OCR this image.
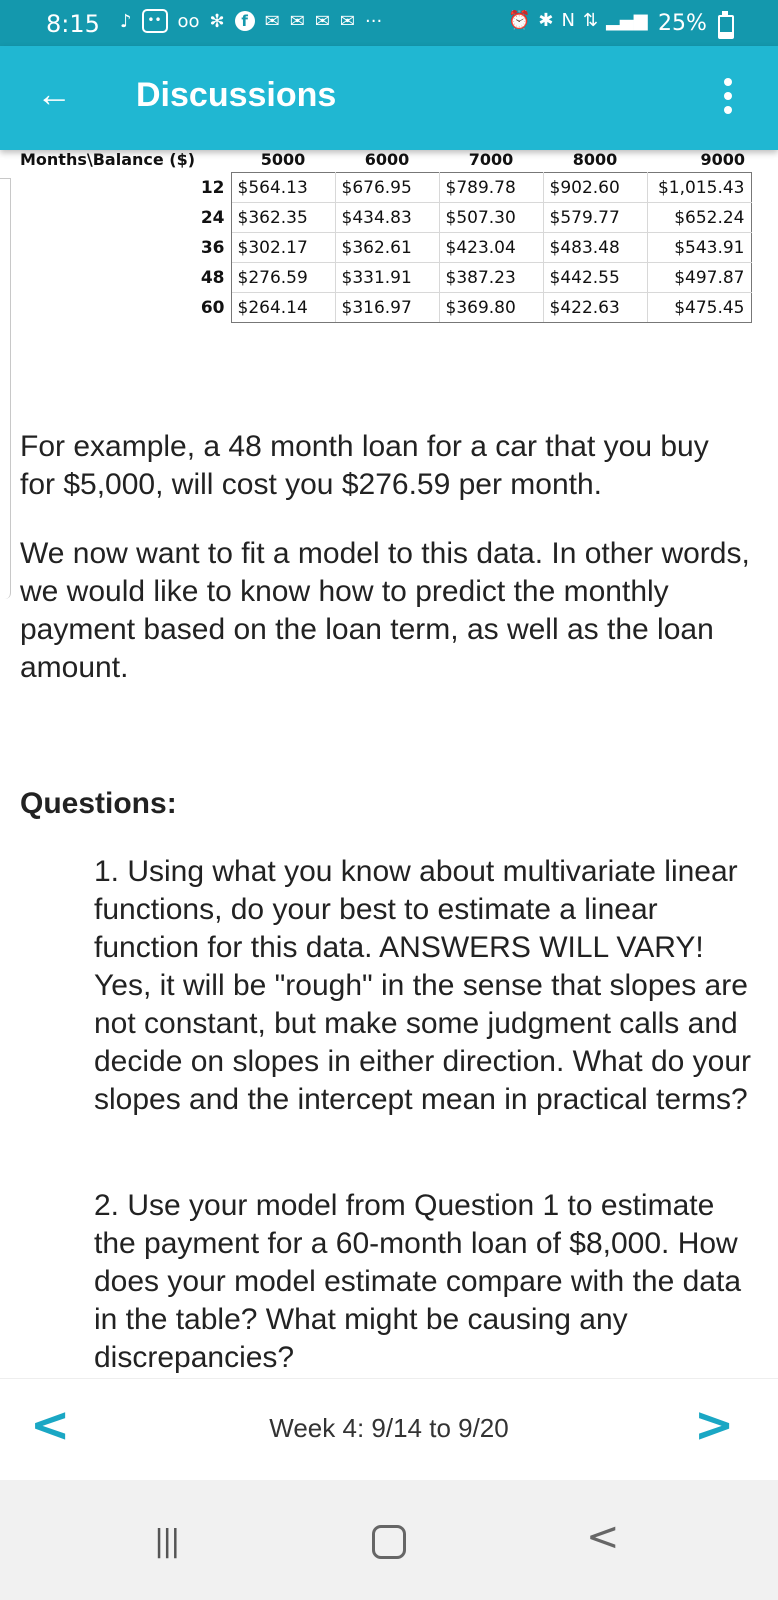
8:15 ♪	•• oo ✻	f ✉ ✉ ✉ ✉ ···	⏰ ✱ N ⇅ ▂▄▆ 25%
← Discussions
Months\Balance ($)	5000	6000	7000	8000	9000
12	$564.13	$676.95	$789.78	$902.60	$1,015.43
24	$362.35	$434.83	$507.30	$579.77	$652.24
36	$302.17	$362.61	$423.04	$483.48	$543.91
48	$276.59	$331.91	$387.23	$442.55	$497.87
60	$264.14	$316.97	$369.80	$422.63	$475.45
For example, a 48 month loan for a car that you buy for $5,000, will cost you $276.59 per month.
We now want to fit a model to this data. In other words, we would like to know how to predict the monthly payment based on the loan term, as well as the loan amount.
Questions:
1. Using what you know about multivariate linear functions, do your best to estimate a linear function for this data. ANSWERS WILL VARY! Yes, it will be "rough" in the sense that slopes are not constant, but make some judgment calls and decide on slopes in either direction. What do your slopes and the intercept mean in practical terms?
2. Use your model from Question 1 to estimate the payment for a 60-month loan of $8,000. How does your model estimate compare with the data in the table? What might be causing any discrepancies?
<	Week 4: 9/14 to 9/20	>
|||	<
